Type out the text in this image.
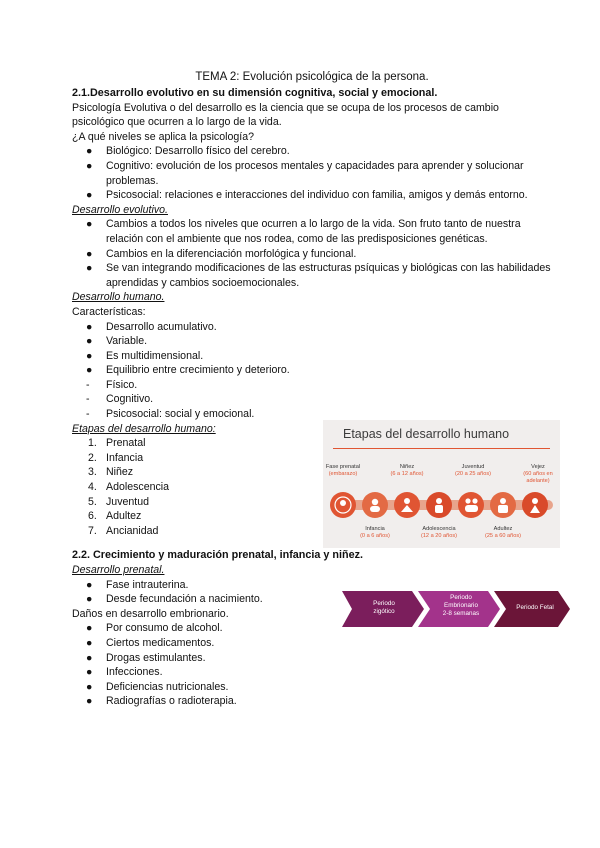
TEMA 2: Evolución psicológica de la persona.
2.1.Desarrollo evolutivo en su dimensión cognitiva, social y emocional.
Psicología Evolutiva o del desarrollo es la ciencia que se ocupa de los procesos de cambio
psicológico que ocurren a lo largo de la vida.
¿A qué niveles se aplica la psicología?
●	Biológico: Desarrollo físico del cerebro.
●	Cognitivo: evolución de los procesos mentales y capacidades para aprender y solucionar problemas.
●	Psicosocial: relaciones e interacciones del individuo con familia, amigos y demás entorno.
Desarrollo evolutivo.
●	Cambios a todos los niveles que ocurren a lo largo de la vida. Son fruto tanto de nuestra relación con el ambiente que nos rodea, como de las predisposiciones genéticas.
●	Cambios en la diferenciación morfológica y funcional.
●	Se van integrando modificaciones de las estructuras psíquicas y biológicas con las habilidades aprendidas y cambios socioemocionales.
Desarrollo humano.
Características:
●	Desarrollo acumulativo.
●	Variable.
●	Es multidimensional.
●	Equilibrio entre crecimiento y deterioro.
-	Físico.
-	Cognitivo.
-	Psicosocial: social y emocional.
Etapas del desarrollo humano:
1. Prenatal
2. Infancia
3. Niñez
4. Adolescencia
5. Juventud
6. Adultez
7. Ancianidad
2.2. Crecimiento y maduración prenatal, infancia y niñez.
Desarrollo prenatal.
●	Fase intrauterina.
●	Desde fecundación a nacimiento.
Daños en desarrollo embrionario.
●	Por consumo de alcohol.
●	Ciertos medicamentos.
●	Drogas estimulantes.
●	Infecciones.
●	Deficiencias nutricionales.
●	Radiografías o radioterapia.
Etapas del desarrollo humano
Fase prenatal
(embarazo)
Niñez
(6 a 12 años)
Juventud
(20 a 25 años)
Vejez
(60 años en adelante)
Infancia
(0 a 6 años)
Adolescencia
(12 a 20 años)
Adultez
(25 a 60 años)
Periodo
zigótico
Periodo
Embrionario
2-8 semanas
Periodo Fetal
